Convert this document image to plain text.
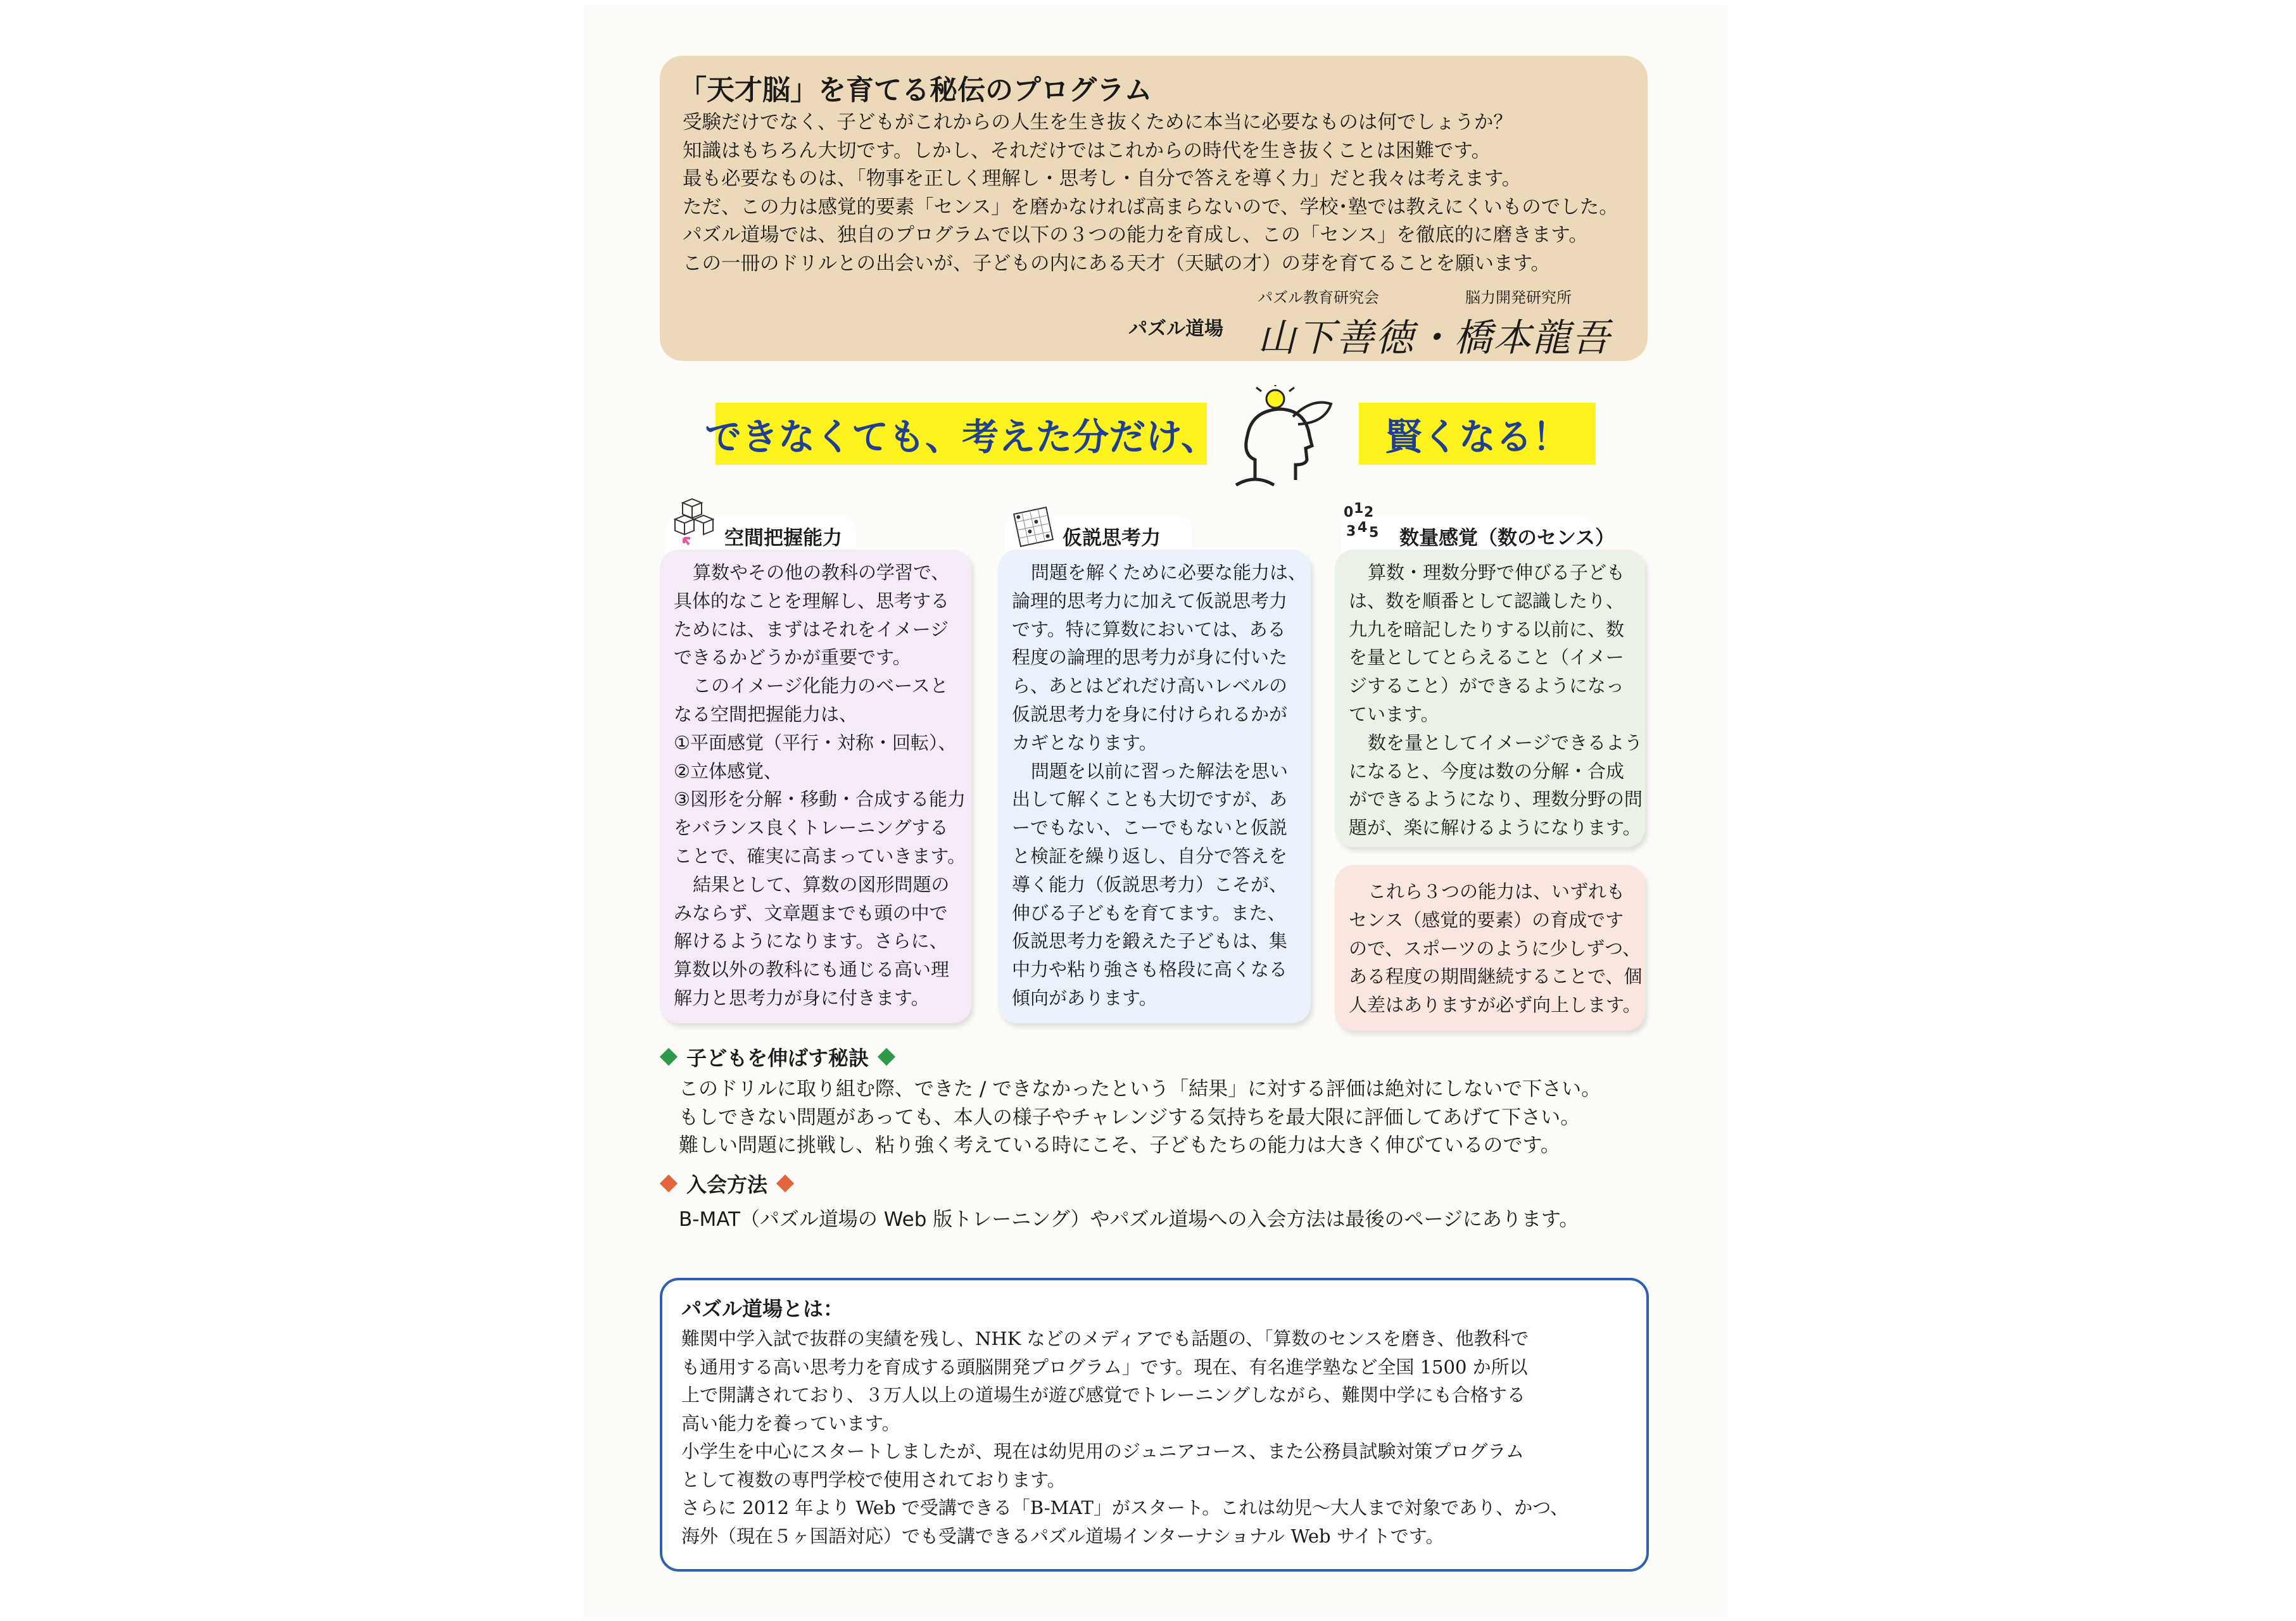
「天才脳」を育てる秘伝のプログラム

受験だけでなく、子どもがこれからの人生を生き抜くために本当に必要なものは何でしょうか？

知識はもちろん大切です。しかし、それだけではこれからの時代を生き抜くことは困難です。

最も必要なものは、「物事を正しく理解し・思考し・自分で答えを導く力」だと我々は考えます。

ただ、この力は感覚的要素「センス」を磨かなければ高まらないので、学校･塾では教えにくいものでした。

パズル道場では、独自のプログラムで以下の３つの能力を育成し、この「センス」を徹底的に磨きます。

この一冊のドリルとの出会いが、子どもの内にある天才（天賦の才）の芽を育てることを願います。

パズル道場
パズル教育研究会	脳力開発研究所
山下善徳・橋本龍吾
できなくても、考えた分だけ、	賢くなる！
空間把握能力

算数やその他の教科の学習で、

具体的なことを理解し、思考する

ためには、まずはそれをイメージ

できるかどうかが重要です。

このイメージ化能力のベースと

なる空間把握能力は、

①平面感覚（平行・対称・回転）、

②立体感覚、

③図形を分解・移動・合成する能力

をバランス良くトレーニングする

ことで、確実に高まっていきます。

結果として、算数の図形問題の

みならず、文章題までも頭の中で

解けるようになります。さらに、

算数以外の教科にも通じる高い理

解力と思考力が身に付きます。

仮説思考力

問題を解くために必要な能力は、

論理的思考力に加えて仮説思考力

です。特に算数においては、ある

程度の論理的思考力が身に付いた

ら、あとはどれだけ高いレベルの

仮説思考力を身に付けられるかが

カギとなります。

問題を以前に習った解法を思い

出して解くことも大切ですが、あ

ーでもない、こーでもないと仮説

と検証を繰り返し、自分で答えを

導く能力（仮説思考力）こそが、

伸びる子どもを育てます。また、

仮説思考力を鍛えた子どもは、集

中力や粘り強さも格段に高くなる

傾向があります。

0 1 2
3 4 5 数量感覚（数のセンス）

算数・理数分野で伸びる子ども

は、数を順番として認識したり、

九九を暗記したりする以前に、数

を量としてとらえること（イメー

ジすること）ができるようになっ

ています。

数を量としてイメージできるよう

になると、今度は数の分解・合成

ができるようになり、理数分野の問

題が、楽に解けるようになります。

これら３つの能力は、いずれも

センス（感覚的要素）の育成です

ので、スポーツのように少しずつ、

ある程度の期間継続することで、個

人差はありますが必ず向上します。

子どもを伸ばす秘訣

このドリルに取り組む際、できた / できなかったという「結果」に対する評価は絶対にしないで下さい。

もしできない問題があっても、本人の様子やチャレンジする気持ちを最大限に評価してあげて下さい。

難しい問題に挑戦し、粘り強く考えている時にこそ、子どもたちの能力は大きく伸びているのです。

入会方法

B-MAT（パズル道場の Web 版トレーニング）やパズル道場への入会方法は最後のページにあります。

パズル道場とは：

難関中学入試で抜群の実績を残し、NHK などのメディアでも話題の、「算数のセンスを磨き、他教科で

も通用する高い思考力を育成する頭脳開発プログラム」です。現在、有名進学塾など全国 1500 か所以

上で開講されており、３万人以上の道場生が遊び感覚でトレーニングしながら、難関中学にも合格する

高い能力を養っています。

小学生を中心にスタートしましたが、現在は幼児用のジュニアコース、また公務員試験対策プログラム

として複数の専門学校で使用されております。

さらに 2012 年より Web で受講できる「B-MAT」がスタート。これは幼児～大人まで対象であり、かつ、

海外（現在５ヶ国語対応）でも受講できるパズル道場インターナショナル Web サイトです。
